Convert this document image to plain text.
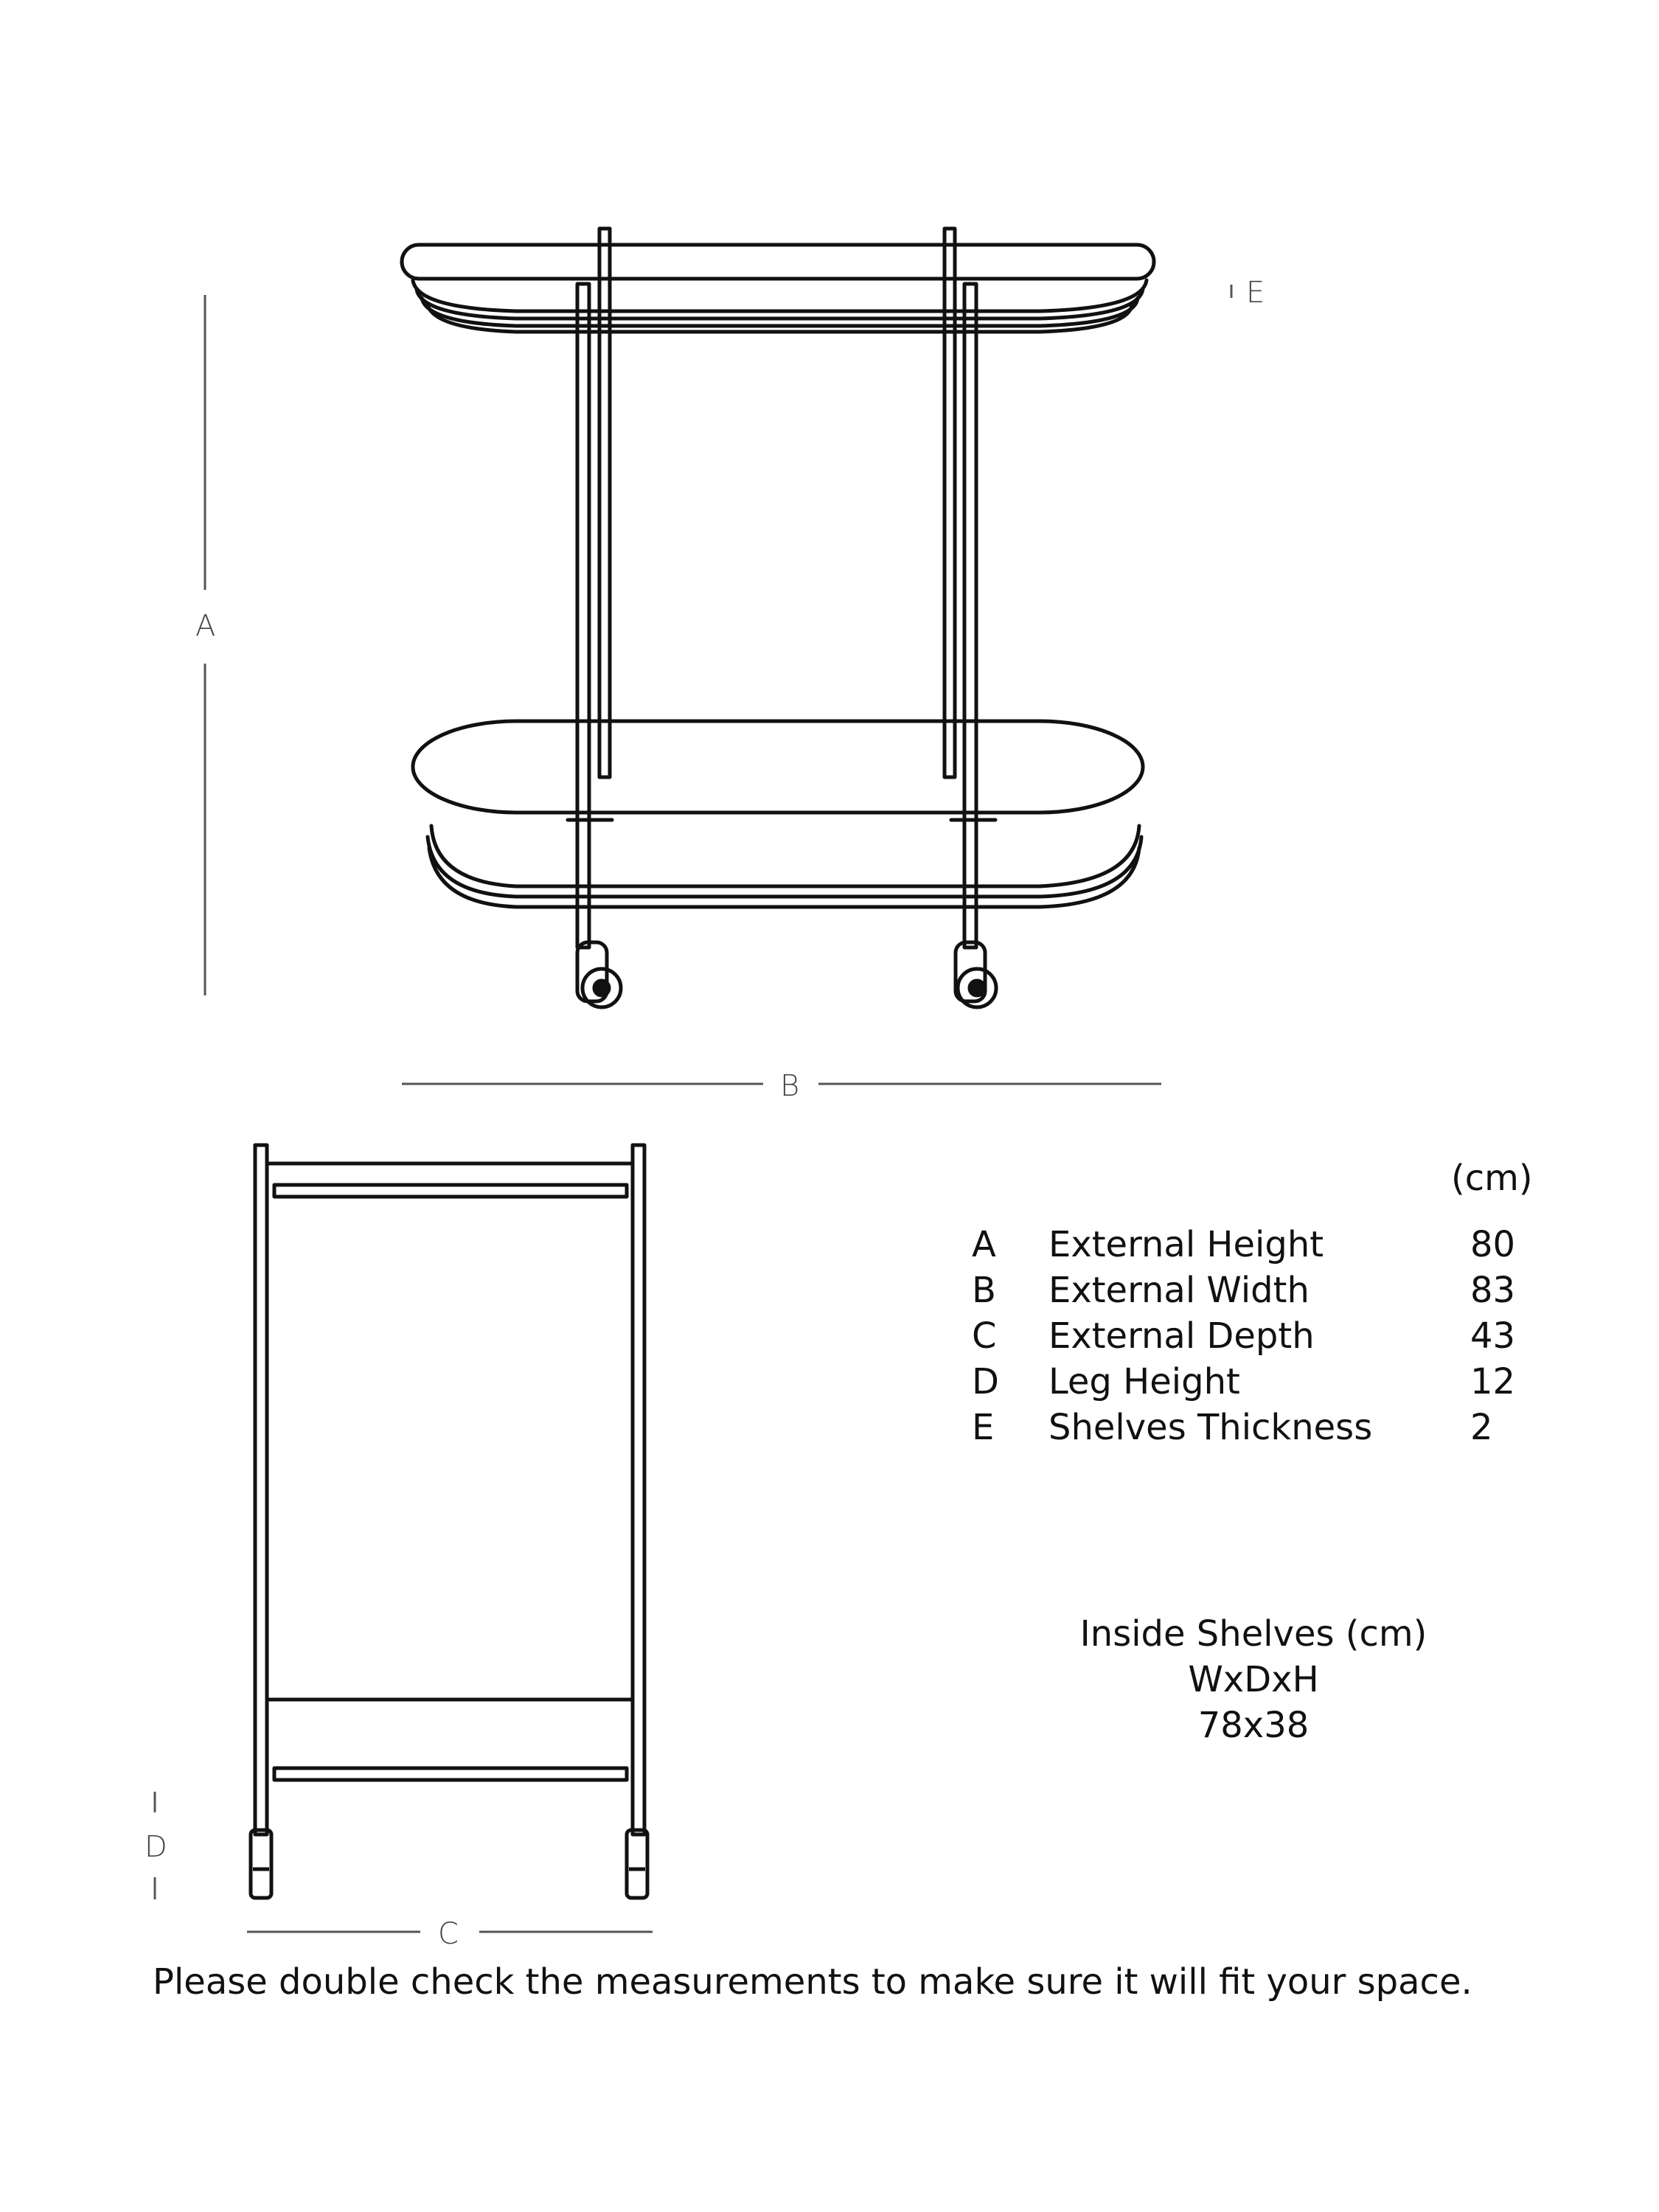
A
E
B
D
C
(cm)
A External Height	80
B External Width	83
C External Depth	43
D Leg Height	12
E Shelves Thickness	2
Inside Shelves (cm)
WxDxH
78x38
Please double check the measurements to make sure it will fit your space.
